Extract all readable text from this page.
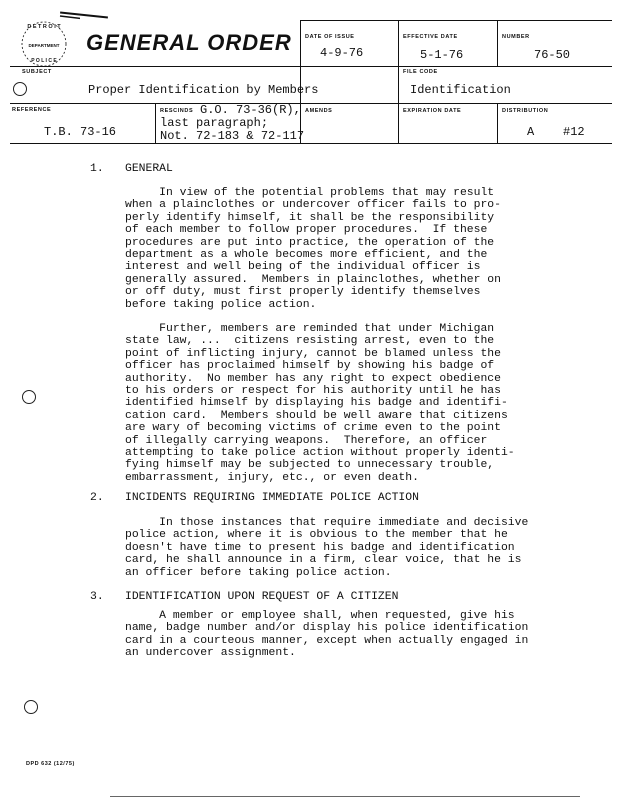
D E T R O I T
DEPARTMENT
P O L I C E
GENERAL ORDER DATE OF ISSUE
4-9-76
EFFECTIVE DATE
5-1-76
NUMBER
76-50
SUBJECT
Proper Identification by Members
FILE CODE
Identification
REFERENCE
T.B. 73-16
RESCINDS G.O. 73-36(R),
last paragraph;
Not. 72-183 & 72-117
AMENDS	EXPIRATION DATE	DISTRIBUTION
A    #12
1. GENERAL
In view of the potential problems that may result
when a plainclothes or undercover officer fails to pro-
perly identify himself, it shall be the responsibility
of each member to follow proper procedures.  If these
procedures are put into practice, the operation of the
department as a whole becomes more efficient, and the
interest and well being of the individual officer is
generally assured.  Members in plainclothes, whether on
or off duty, must first properly identify themselves
before taking police action.
Further, members are reminded that under Michigan
state law, ...  citizens resisting arrest, even to the
point of inflicting injury, cannot be blamed unless the
officer has proclaimed himself by showing his badge of
authority.  No member has any right to expect obedience
to his orders or respect for his authority until he has
identified himself by displaying his badge and identifi-
cation card.  Members should be well aware that citizens
are wary of becoming victims of crime even to the point
of illegally carrying weapons.  Therefore, an officer
attempting to take police action without properly identi-
fying himself may be subjected to unnecessary trouble,
embarrassment, injury, etc., or even death.
2. INCIDENTS REQUIRING IMMEDIATE POLICE ACTION
In those instances that require immediate and decisive
police action, where it is obvious to the member that he
doesn't have time to present his badge and identification
card, he shall announce in a firm, clear voice, that he is
an officer before taking police action.
3. IDENTIFICATION UPON REQUEST OF A CITIZEN
A member or employee shall, when requested, give his
name, badge number and/or display his police identification
card in a courteous manner, except when actually engaged in
an undercover assignment.
DPD 632 (12/75)
